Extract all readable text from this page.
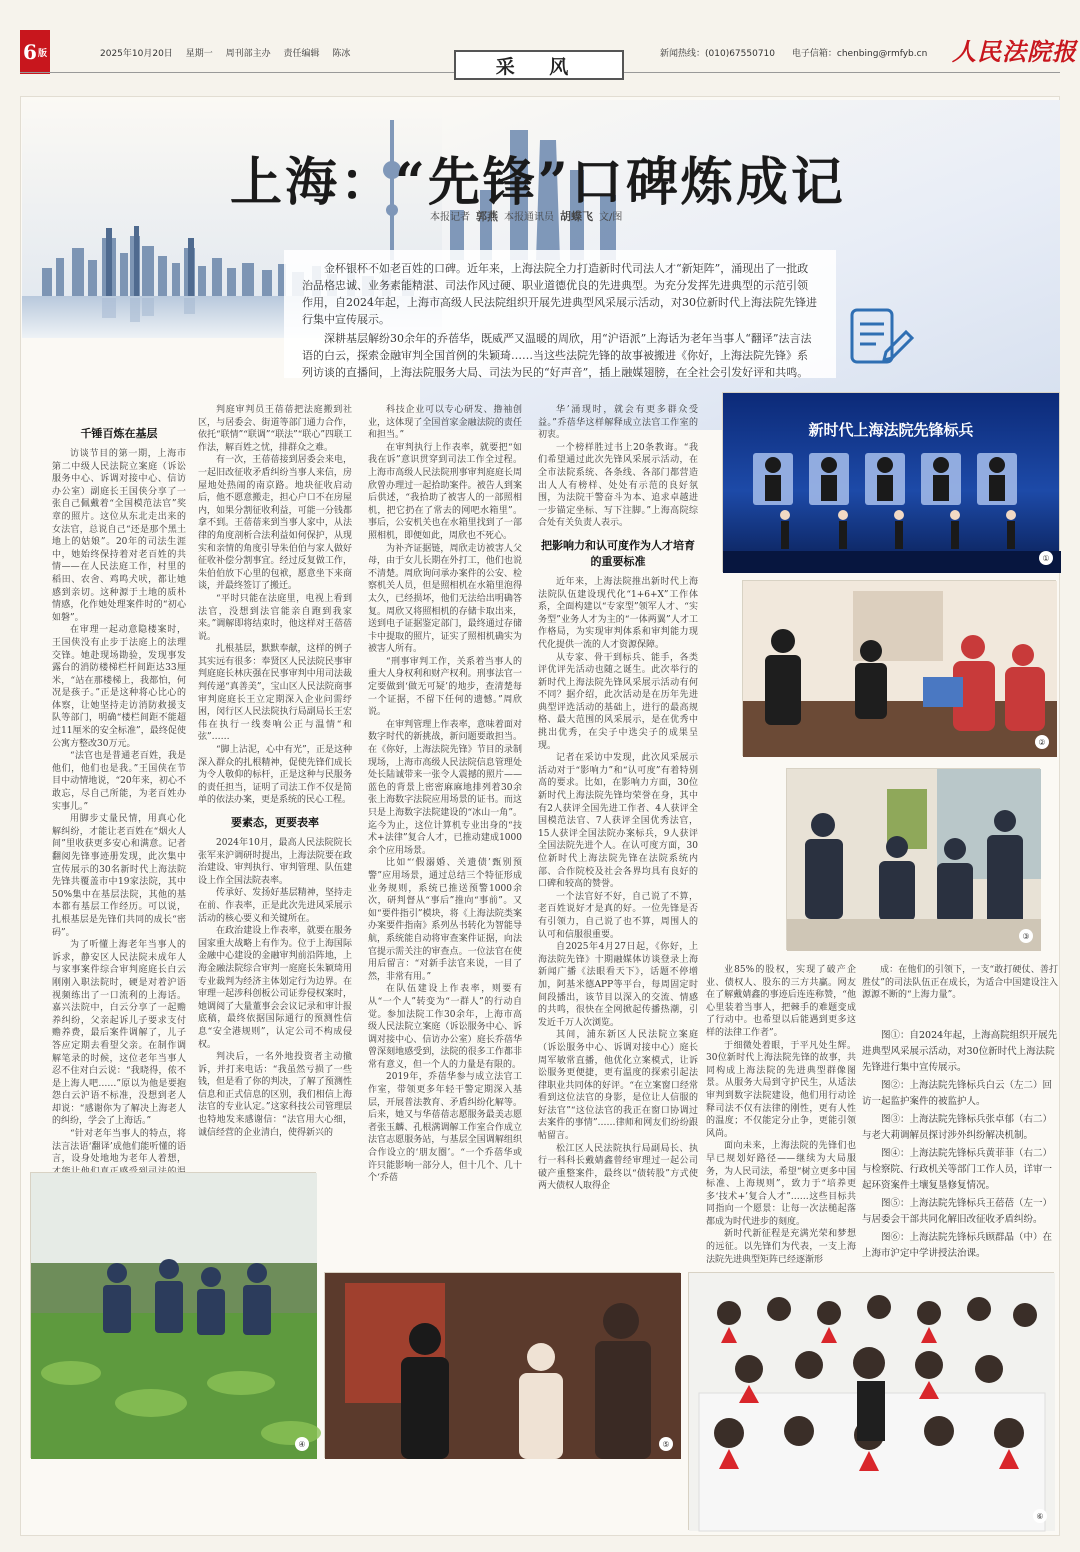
6 版	2025年10月20日 星期一 周刊部主办 责任编辑 陈冰	新闻热线：(010)67550710 电子信箱：chenbing@rmfyb.cn	人民法院报
采 风
上海：“先锋”口碑炼成记
本报记者 郭燕 本报通讯员 胡蝶飞 文/图

金杯银杯不如老百姓的口碑。近年来，上海法院全力打造新时代司法人才“新矩阵”，涌现出了一批政治品格忠诚、业务素能精湛、司法作风过硬、职业道德优良的先进典型。为充分发挥先进典型的示范引领作用，自2024年起，上海市高级人民法院组织开展先进典型风采展示活动，对30位新时代上海法院先锋进行集中宣传展示。

深耕基层解纷30余年的乔蓓华，既威严又温暖的周欣，用“沪语派”上海话为老年当事人“翻译”法言法语的白云，探索金融审判全国首例的朱颖琦……当这些法院先锋的故事被搬进《你好，上海法院先锋》系列访谈的直播间，上海法院服务大局、司法为民的“好声音”，插上融媒翅膀，在全社会引发好评和共鸣。

千锤百炼在基层

访谈节目的第一期，上海市第二中级人民法院立案庭（诉讼服务中心、诉调对接中心、信访办公室）副庭长王国侠分享了一张自己佩戴着“全国模范法官”奖章的照片。这位从东北走出来的女法官，总说自己“还是那个黑土地上的姑娘”。20年的司法生涯中，她始终保持着对老百姓的共情——在人民法庭工作，村里的稻田、农舍、鸡鸣犬吠，都让她感到亲切。这种源于土地的质朴情感，化作她处理案件时的“初心如磐”。

在审理一起动意隐楼案时，王国侠没有止步于法庭上的法理交锋。她赴现场勘验，发现事发露台的消防楼梯栏杆间距达33厘米，“站在那楼梯上，我都怕，何况是孩子。”正是这种将心比心的体察，让她坚持走访消防救援支队等部门，明确“楼栏间距不能超过11厘米的安全标准”，最终促使公寓方整改30万元。

“法官也是普通老百姓，我是他们，他们也是我。”王国侠在节目中动情地说，“20年来，初心不敢忘，尽自己所能，为老百姓办实事儿。”

用脚步丈量民情，用真心化解纠纷，才能让老百姓在“烟火人间”里收获更多安心和满意。记者翻阅先锋事迹册发现，此次集中宣传展示的30名新时代上海法院先锋共覆盖市中19家法院，其中50%集中在基层法院，其他的基本都有基层工作经历。可以说，扎根基层是先锋们共同的成长“密码”。

为了听懂上海老年当事人的诉求，静安区人民法院未成年人与家事案件综合审判庭庭长白云刚刚入职法院时，硬是对着沪语视频练出了一口流利的上海话。嘉兴法院中，白云分享了一起赡养纠纷，父亲起诉儿子要求支付赡养费，最后案件调解了，儿子答应定期去看望父亲。在制作调解笔录的时候，这位老年当事人忍不住对白云说：“我晓得，侬不是上海人吧……”原以为他是要抱怨白云沪语不标准，没想到老人却说：“感谢你为了解决上海老人的纠纷，学会了上海话。”

“针对老年当事人的特点，将法言法语‘翻译’成他们能听懂的语言，设身处地地为老年人着想，

判庭审判员王蓓蓓把法庭搬到社区，与居委会、街道等部门通力合作，依托“联情”“联调”“联法”“联心”四联工作法，解百姓之忧，排群众之难。

有一次，王蓓蓓接到居委会来电，一起旧改征收矛盾纠纷当事人来信，房屋地处热闹的南京路。地块征收启动后，他不愿意搬走，担心户口不在房屋内，如果分割征收利益，可能一分钱都拿不到。王蓓蓓来到当事人家中，从法律的角度剖析合法利益如何保护，从现实和亲情的角度引导朱伯伯与家人做好征收补偿分割事宜。经过反复做工作，朱伯伯放下心里的包袱，愿意坐下来商谈，并最终签订了搬迁。

“平时只能在法庭里，电视上看到法官，没想到法官能亲自跑到我家来。”调解即将结束时，他这样对王蓓蓓说。

扎根基层，默默奉献，这样的例子其实远有很多：奉贤区人民法院民事审判庭庭长林庆强在民事审判中用司法裁判传递“真善美”，宝山区人民法院商事审判庭庭长王立定期深入企业问需纾困，闵行区人民法院执行局副局长王宏伟在执行一线奏响公正与温情“和弦”……

“脚上沾泥，心中有光”，正是这种深入群众的扎根精神，促使先锋们成长为令人敬仰的标杆，正是这种与民服务的责任担当，证明了司法工作不仅是简单的依法办案，更是系统的民心工程。

要素态，更要表率

2024年10月，最高人民法院院长张军来沪调研时提出，上海法院要在政治建设、审判执行、审判管理、队伍建设上作全国法院表率。

传承好、发扬好基层精神，坚持走在前、作表率，正是此次先进风采展示活动的核心要义和关键所在。

在政治建设上作表率，就要在服务国家重大战略上有作为。位于上海国际金融中心建设的金融审判前沿阵地，上海金融法院综合审判一庭庭长朱颖琦用专业裁判为经济主体划定行为边界。在审理一起涉科创板公司证券侵权案时，她调阅了大量董事会会议记录和审计报底稿，最终依据国际通行的预测性信息“安全港规则”，认定公司不构成侵权。

判决后，一名外地投资者主动撤诉，并打来电话：“我虽然亏损了一些钱，但是看了你的判决，了解了预测性信息和正式信息的区别，我们相信上海法官的专业认定。”这家科技公司管理层也特地发来感谢信：“法官用大心细，诚信经营的企业清白，使得新兴的

科技企业可以专心研发、撸袖创业，这体现了全国首家金融法院的责任和担当。”

在审判执行上作表率，就要把“如我在诉”意识贯穿到司法工作全过程。上海市高级人民法院刑事审判庭庭长周欣曾办理过一起拾助案件。被告人到案后供述，“我拾助了被害人的一部照相机，把它扔在了常去的网吧水箱里”。事后，公安机关也在水箱里找到了一部照相机，即便如此，周欣也不死心。

为补齐证据链，周欣走访被害人父母，由于女儿长期在外打工，他们也说不清楚。周欣询问承办案件的公安、检察机关人员，但是照相机在水箱里泡得太久，已经损坏，他们无法给出明确答复。周欣又将照相机的存储卡取出来，送到电子证据鉴定部门，最终通过存储卡中提取的照片，证实了照相机确实为被害人所有。

“刑事审判工作，关系着当事人的重大人身权利和财产权利。刑事法官一定要做到‘做无可疑’的地步，查清楚每一个证据，不留下任何的遗憾。”周欣说。

在审判管理上作表率，意味着面对数字时代的新挑战，新问题要敢担当。在《你好，上海法院先锋》节目的录制现场，上海市高级人民法院信息管理处处长陆诚带来一张令人震撼的照片——蓝色的背景上密密麻麻地排列着30余张上海数字法院应用场景的证书。而这只是上海数字法院建设的“冰山一角”。迄今为止，这位计算机专业出身的“技术+法律”复合人才，已推动建成1000余个应用场景。

比如“‘假溺婚、关遗债’甄别预警”应用场景，通过总结三个特征形成业务规则，系统已推送预警1000余次，研判督从“事后”推向“事前”。又如“要件指引”模块，将《上海法院类案办案要件指南》系列丛书转化为智能导航，系统能自动将审查案件证据，向法官提示需关注的审查点。一位法官在使用后留言：“对新手法官来说，一目了然，非常有用。”

在队伍建设上作表率，则要有从“一个人”转变为“一群人”的行动自觉。参加法院工作30余年，上海市高级人民法院立案庭（诉讼服务中心、诉调对接中心、信访办公室）庭长乔蓓华曾深刻地感受到，法院的很多工作都非常有意义，但一个人的力量是有限的。

2019年，乔蓓华参与成立法官工作室，带领更多年轻干警定期深入基层，开展普法教育、矛盾纠纷化解等。后来，她又与华蓓蓓志愿服务最美志愿者张玉麟、孔根满调解工作室合作成立法官志愿服务站，与基层全国调解组织合作设立的‘朋友圈’。“一个乔蓓华或许只能影响一部分人，但十几个、几十个‘乔蓓

华’涌现时，就会有更多群众受益。”乔蓓华这样解释成立法官工作室的初衷。

一个榜样胜过书上20条教诲。“我们希望通过此次先锋风采展示活动，在全市法院系统、各条线、各部门都营造出人人有榜样、处处有示范的良好氛围，为法院干警奋斗为本、追求卓越进一步锚定坐标、写下注脚。”上海高院综合处有关负责人表示。

把影响力和认可度作为人才培育的重要标准

近年来，上海法院推出新时代上海法院队伍建设现代化“1+6+X”工作体系，全面构建以“专家型”领军人才、“实务型”业务人才为主的“一体两翼”人才工作格局，为实现审判体系和审判能力现代化提供一流的人才资源保障。

从专家、骨干到标兵、能手，各类评优评先活动也随之诞生。此次举行的新时代上海法院先锋风采展示活动有何不同？据介绍，此次活动是在历年先进典型评选活动的基础上，进行的最高规格、最大范围的风采展示，是在优秀中挑出优秀，在尖子中选尖子的成果呈现。

记者在采访中发现，此次风采展示活动对于“影响力”和“认可度”有着特别高的要求。比如，在影响力方面，30位新时代上海法院先锋均荣誉在身，其中有2人获评全国先进工作者、4人获评全国模范法官、7人获评全国优秀法官，15人获评全国法院办案标兵，9人获评全国法院先进个人。在认可度方面，30位新时代上海法院先锋在法院系统内部、合作院校及社会各界均具有良好的口碑和较高的赞誉。

一个法官好不好，自己说了不算，老百姓说好才是真的好。一位先锋是否有引领力，自己说了也不算，周围人的认可和信服很重要。

自2025年4月27日起，《你好，上海法院先锋》十期融媒体访谈登录上海新闻广播《法眼看天下》，话题不停增加，阿基米德APP等平台，每周固定时间段播出，该节目以深入的交流、情感的共鸣，很快在全网掀起传播热潮，引发近千万人次浏览。

其间，浦东新区人民法院立案庭（诉讼服务中心、诉调对接中心）庭长周军敏常直播，他优化立案模式，让诉讼服务更便捷，更有温度的探索引起法律职业共同体的好评。“在立案窗口经常看到这位法官的身影，是位让人信服的好法官”“这位法官的我正在窗口协调过去案件的事情”……律师和网友们纷纷跟帖留言。

松江区人民法院执行局副局长、执行一科科长戴婧鑫曾经审理过一起公司破产重整案件，最终以“债转股”方式使两大债权人取得企

业85%的股权，实现了破产企业、债权人、股东的三方共赢。网友在了解戴婧鑫的事迹后连连称赞，“他心里装着当事人，把棘手的难题变成了行动中。也希望以后能遇到更多这样的法律工作者”。

于细微处着眼，于平凡处生辉。30位新时代上海法院先锋的故事，共同构成上海法院的先进典型群像图景。从服务大局到守护民生，从适法审判到数字法院建设，他们用行动诠释司法不仅有法律的刚性，更有人性的温度；不仅能定分止争，更能引领风尚。

面向未来，上海法院的先锋们也早已规划好路径——继续为大局服务，为人民司法，希望“树立更多中国标准、上海规则”，致力于“培养更多‘技术+’复合人才”……这些目标共同指向一个愿景：让每一次法槌起落都成为时代进步的刻度。

新时代新征程是充满光荣和梦想的远征。以先锋们为代表，一支上海法院先进典型矩阵已经逐渐形

成：在他们的引领下，一支“敢打硬仗、善打胜仗”的司法队伍正在成长，为适合中国建设注入源源不断的“上海力量”。

图①：自2024年起，上海高院组织开展先进典型风采展示活动，对30位新时代上海法院先锋进行集中宣传展示。

图②：上海法院先锋标兵白云（左二）回访一起监护案件的被监护人。

图③：上海法院先锋标兵张卓郁（右二）与老大莉调解员探讨涉外纠纷解决机制。

图④：上海法院先锋标兵黄菲菲（右二）与检察院、行政机关等部门工作人员，详审一起环资案件土壤复垦修复情况。

图⑤：上海法院先锋标兵王蓓蓓（左一）与居委会干部共同化解旧改征收矛盾纠纷。

图⑥：上海法院先锋标兵顾群晶（中）在上海市沪定中学讲授法治课。

新时代上海法院先锋标兵
①
②
③
④	⑤
⑥
